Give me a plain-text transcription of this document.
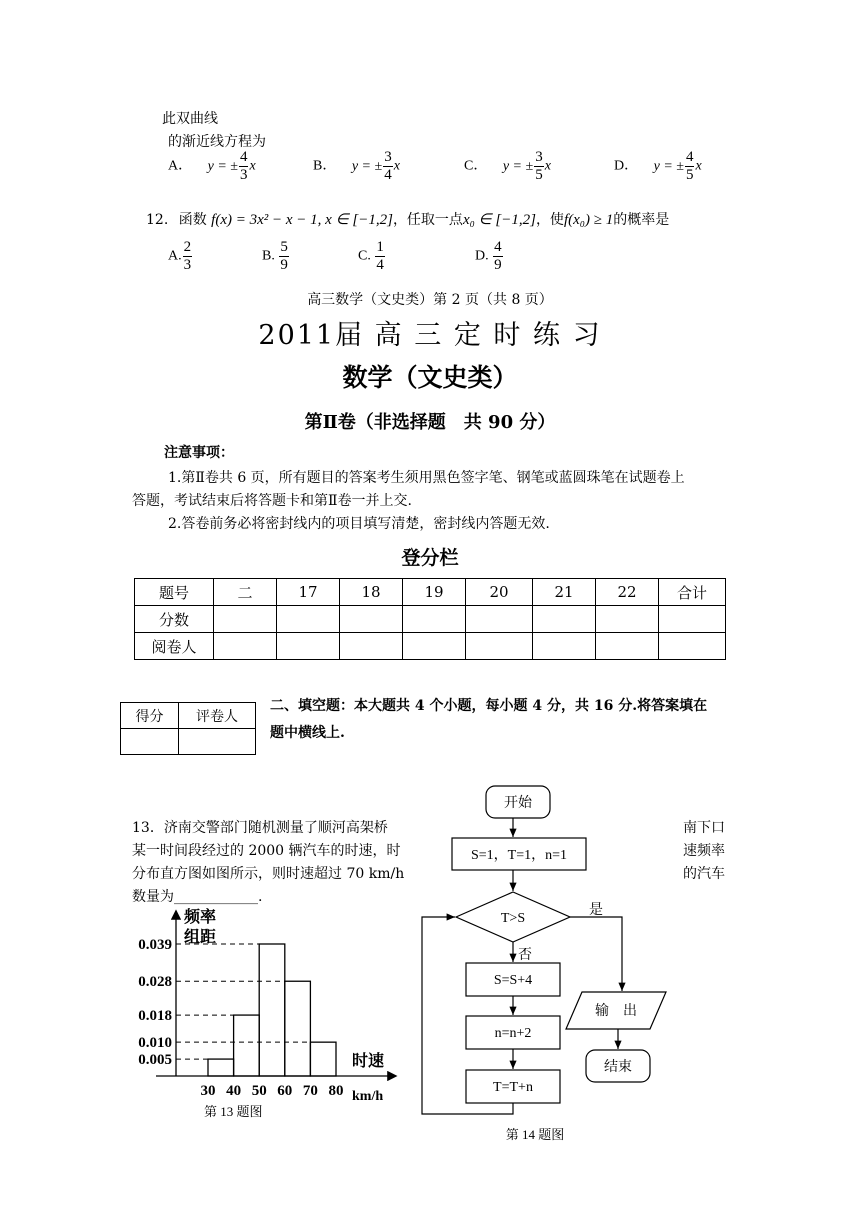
此双曲线
的渐近线方程为
A． y = ± $\frac{4}{3}$ x	B． y = ± $\frac{3}{4}$ x	C． y = ± $\frac{3}{5}$ x	D． y = ± $\frac{4}{5}$ x
12. 函数 f(x) = 3x² − x − 1, x ∈ [−1,2]，任取一点x₀ ∈ [−1,2]，使f(x₀) ≥ 1的概率是
A. $\frac{2}{3}$	B. $\frac{5}{9}$	C. $\frac{1}{4}$	D. $\frac{4}{9}$
高三数学（文史类）第 2 页（共 8 页）
2011届 高 三 定 时 练 习
数学（文史类）
第Ⅱ卷（非选择题　共 90 分）
注意事项：
1.第Ⅱ卷共 6 页，所有题目的答案考生须用黑色签字笔、钢笔或蓝圆珠笔在试题卷上
答题，考试结束后将答题卡和第Ⅱ卷一并上交.
2.答卷前务必将密封线内的项目填写清楚，密封线内答题无效.
登分栏
题号	二	17	18	19	20	21	22	合计
分数								
阅卷人								
得分	评卷人

二、填空题：本大题共 4 个小题，每小题 4 分，共 16 分.将答案填在
题中横线上.
13．济南交警部门随机测量了顺河高架桥	南下口
某一时间段经过的 2000 辆汽车的时速，时	速频率
分布直方图如图所示，则时速超过 70 km/h	的汽车
数量为____________.
0.039
0.028
0.018
0.010
0.005
30 40 50 60 70 80
频率
组距
时速
km/h
第 13 题图
开始
S=1，T=1，n=1
T>S
S=S+4
n=n+2
T=T+n
输　出
结束
是
否
第 14 题图
